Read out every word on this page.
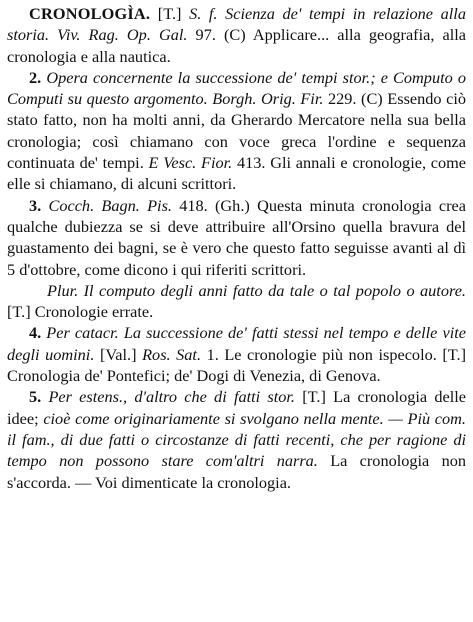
CRONOLOGÌA. [T.] S. f. Scienza de' tempi in relazione alla storia. Viv. Rag. Op. Gal. 97. (C) Applicare... alla geografia, alla cronologia e alla nautica.

2. Opera concernente la successione de' tempi stor.; e Computo o Computi su questo argomento. Borgh. Orig. Fir. 229. (C) Essendo ciò stato fatto, non ha molti anni, da Gherardo Mercatore nella sua bella cronologia; così chiamano con voce greca l'ordine e sequenza continuata de' tempi. E Vesc. Fior. 413. Gli annali e cronologie, come elle si chiamano, di alcuni scrittori.

3. Cocch. Bagn. Pis. 418. (Gh.) Questa minuta cronologia crea qualche dubiezza se si deve attribuire all'Orsino quella bravura del guastamento dei bagni, se è vero che questo fatto seguisse avanti al dì 5 d'ottobre, come dicono i qui riferiti scrittori.

Plur. Il computo degli anni fatto da tale o tal popolo o autore. [T.] Cronologie errate.

4. Per catacr. La successione de' fatti stessi nel tempo e delle vite degli uomini. [Val.] Ros. Sat. 1. Le cronologie più non ispecolo. [T.] Cronologia de' Pontefici; de' Dogi di Venezia, di Genova.

5. Per estens., d'altro che di fatti stor. [T.] La cronologia delle idee; cioè come originariamente si svolgano nella mente. — Più com. il fam., di due fatti o circostanze di fatti recenti, che per ragione di tempo non possono stare com'altri narra. La cronologia non s'accorda. — Voi dimenticate la cronologia.
